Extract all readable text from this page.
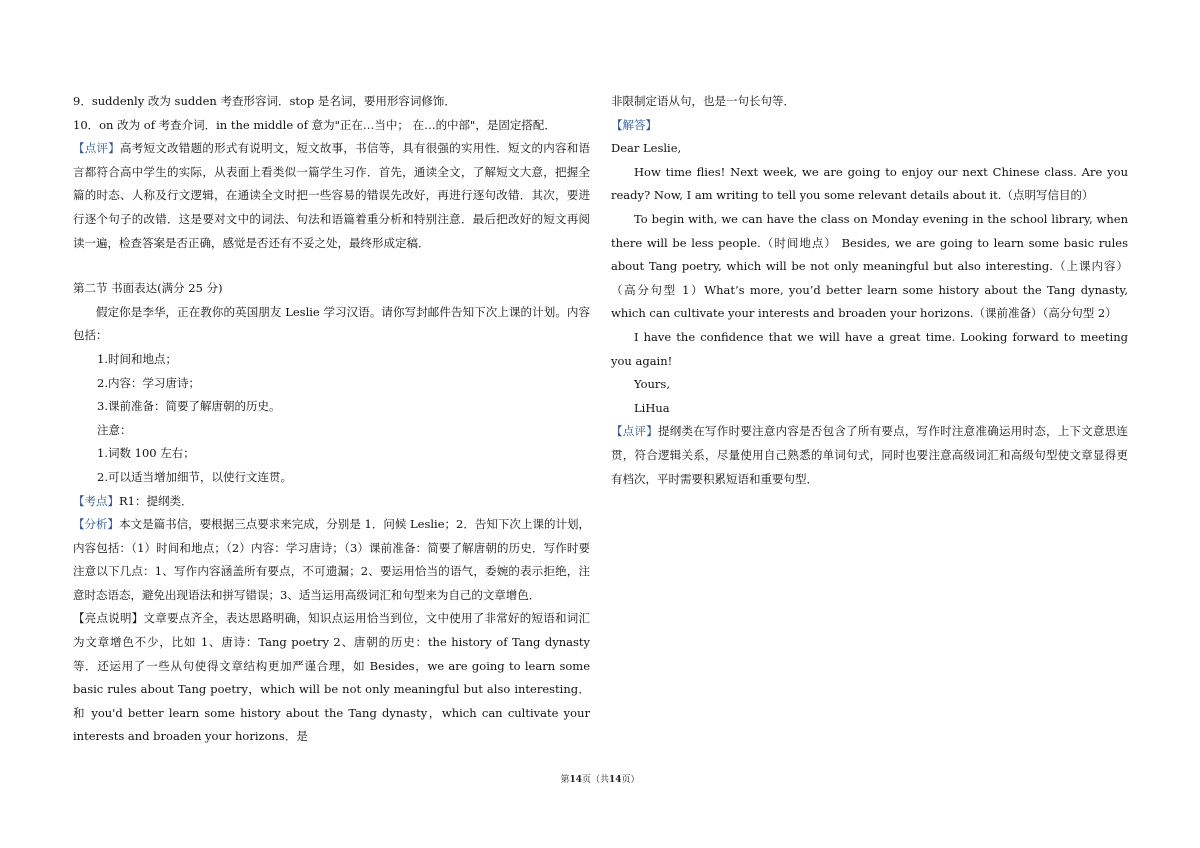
9．suddenly 改为 sudden 考查形容词．stop 是名词，要用形容词修饰．

10．on 改为 of 考查介词．in the middle of 意为"正在…当中； 在…的中部"，是固定搭配．

【点评】高考短文改错题的形式有说明文，短文故事，书信等，具有很强的实用性．短文的内容和语言都符合高中学生的实际，从表面上看类似一篇学生习作．首先，通读全文，了解短文大意，把握全篇的时态、人称及行文逻辑，在通读全文时把一些容易的错误先改好，再进行逐句改错．其次，要进行逐个句子的改错．这是要对文中的词法、句法和语篇着重分析和特别注意．最后把改好的短文再阅读一遍，检查答案是否正确，感觉是否还有不妥之处，最终形成定稿．

第二节 书面表达(满分 25 分)

假定你是李华，正在教你的英国朋友 Leslie 学习汉语。请你写封邮件告知下次上课的计划。内容包括：

1.时间和地点；

2.内容：学习唐诗；

3.课前准备：简要了解唐朝的历史。

注意：

1.词数 100 左右；

2.可以适当增加细节，以使行文连贯。

【考点】R1：提纲类．

【分析】本文是篇书信，要根据三点要求来完成，分别是 1．问候 Leslie；2．告知下次上课的计划，内容包括：（1）时间和地点；（2）内容：学习唐诗；（3）课前准备：简要了解唐朝的历史．写作时要注意以下几点：1、写作内容涵盖所有要点，不可遗漏；2、要运用恰当的语气，委婉的表示拒绝，注意时态语态，避免出现语法和拼写错误；3、适当运用高级词汇和句型来为自己的文章增色．

【亮点说明】文章要点齐全，表达思路明确，知识点运用恰当到位，文中使用了非常好的短语和词汇为文章增色不少，比如 1、唐诗：Tang poetry 2、唐朝的历史：the history of Tang dynasty 等．还运用了一些从句使得文章结构更加严谨合理，如 Besides，we are going to learn some basic rules about Tang poetry，which will be not only meaningful but also interesting．和 you'd better learn some history about the Tang dynasty，which can cultivate your interests and broaden your horizons．是

非限制定语从句，也是一句长句等．

【解答】

Dear Leslie,

How time flies! Next week, we are going to enjoy our next Chinese class. Are you ready? Now, I am writing to tell you some relevant details about it.（点明写信目的）

To begin with, we can have the class on Monday evening in the school library, when there will be less people.（时间地点） Besides, we are going to learn some basic rules about Tang poetry, which will be not only meaningful but also interesting.（上课内容） （高分句型 1）What’s more, you’d better learn some history about the Tang dynasty, which can cultivate your interests and broaden your horizons.（课前准备）（高分句型 2）

I have the confidence that we will have a great time. Looking forward to meeting you again!

Yours,

LiHua

【点评】提纲类在写作时要注意内容是否包含了所有要点，写作时注意准确运用时态，上下文意思连贯，符合逻辑关系，尽量使用自己熟悉的单词句式，同时也要注意高级词汇和高级句型使文章显得更有档次，平时需要积累短语和重要句型．

第14页（共14页）
